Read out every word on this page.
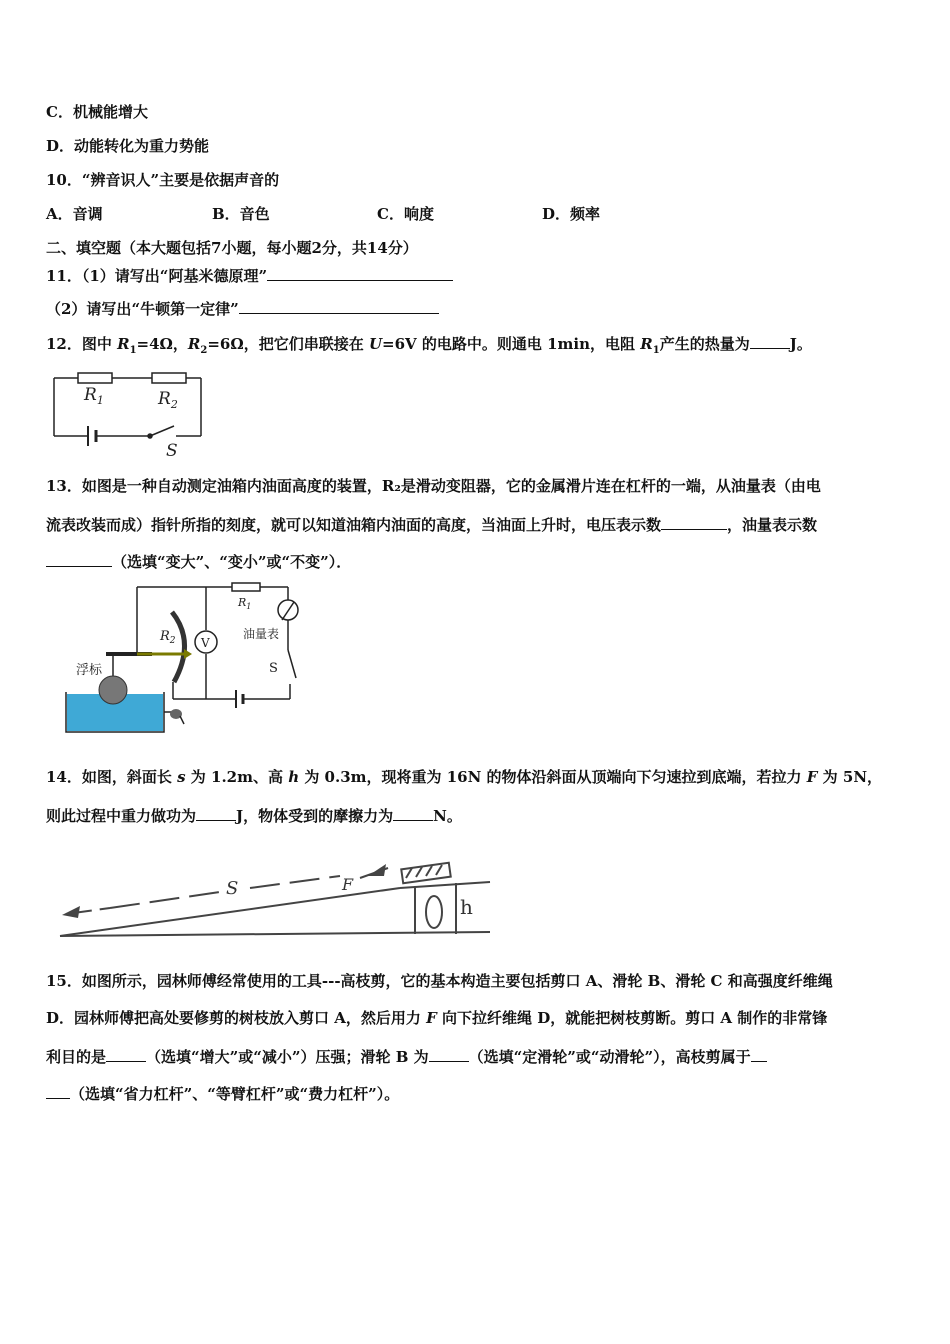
C．机械能增大
D．动能转化为重力势能
10．“辨音识人”主要是依据声音的
A．音调	B．音色	C．响度	D．频率
二、填空题（本大题包括7小题，每小题2分，共14分）
11．（1）请写出“阿基米德原理”
（2）请写出“牛顿第一定律”
12．图中 $R_1=4\Omega$，$R_2=6\Omega$，把它们串联接在 U=6V 的电路中。则通电 1min，电阻 $R_1$产生的热量为	J。
$R_1$	$R_2$
S
13．如图是一种自动测定油箱内油面高度的装置，R₂是滑动变阻器，它的金属滑片连在杠杆的一端，从油量表（由电
流表改装而成）指针所指的刻度，就可以知道油箱内油面的高度，当油面上升时，电压表示数	，油量表示数
（选填“变大”、“变小”或“不变”）．
浮标
$R_2$
$R_1$
V
油量表
S
14．如图，斜面长 s 为 1.2m、高 h 为 0.3m，现将重为 16N 的物体沿斜面从顶端向下匀速拉到底端，若拉力 F 为 5N，
则此过程中重力做功为	J，物体受到的摩擦力为	N。
S	F
h
15．如图所示，园林师傅经常使用的工具---高枝剪，它的基本构造主要包括剪口 A、滑轮 B、滑轮 C 和高强度纤维绳
D．园林师傅把高处要修剪的树枝放入剪口 A，然后用力 F 向下拉纤维绳 D，就能把树枝剪断。剪口 A 制作的非常锋
利目的是	（选填“增大”或“减小”）压强；滑轮 B 为	（选填“定滑轮”或“动滑轮”），高枝剪属于
（选填“省力杠杆”、“等臂杠杆”或“费力杠杆”）。
